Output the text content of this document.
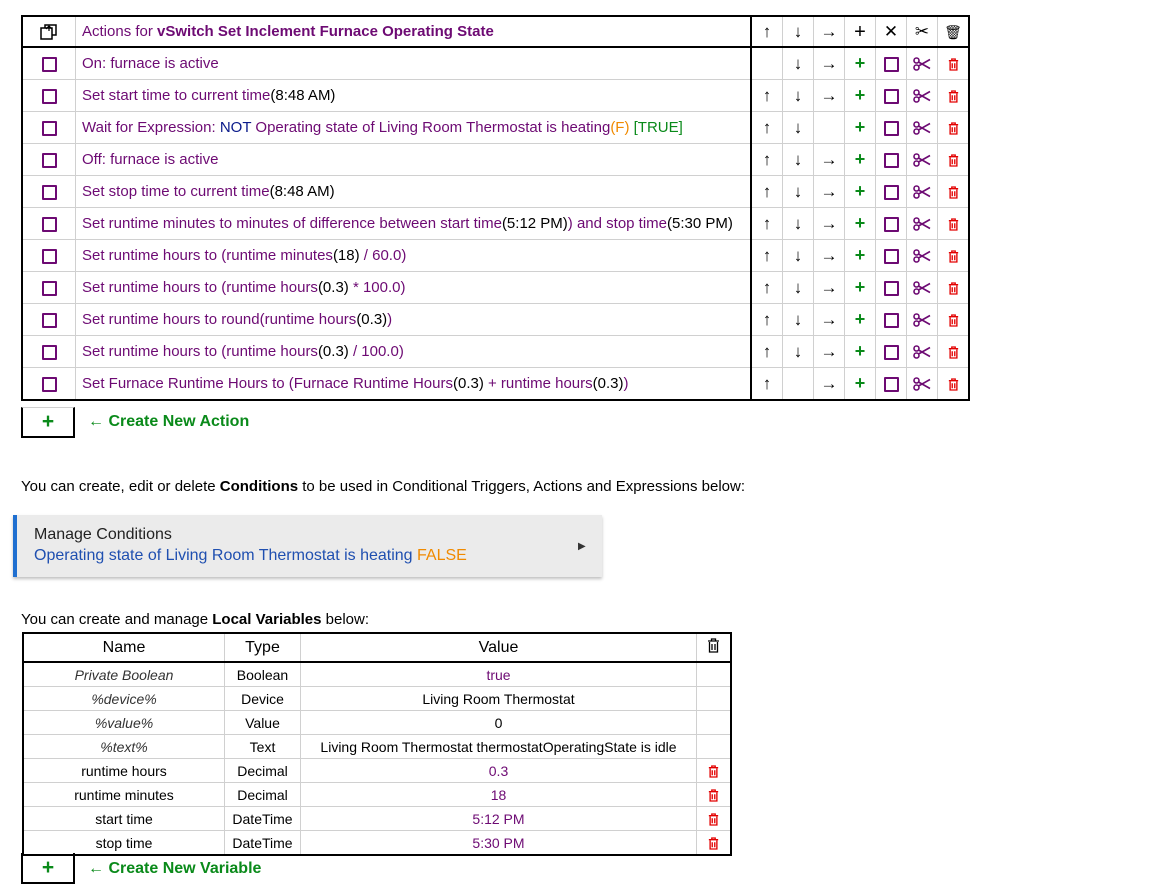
	Actions for vSwitch Set Inclement Furnace Operating State	↑	↓	→	+	✕	✂	🗑
	On: furnace is active		↓	→	+			
	Set start time to current time(8:48 AM)	↑	↓	→	+			
	Wait for Expression: NOT Operating state of Living Room Thermostat is heating(F) [TRUE]	↑	↓		+			
	Off: furnace is active	↑	↓	→	+			
	Set stop time to current time(8:48 AM)	↑	↓	→	+			
	Set runtime minutes to minutes of difference between start time(5:12 PM)) and stop time(5:30 PM)	↑	↓	→	+			
	Set runtime hours to (runtime minutes(18) / 60.0)	↑	↓	→	+			
	Set runtime hours to (runtime hours(0.3) * 100.0)	↑	↓	→	+			
	Set runtime hours to round(runtime hours(0.3))	↑	↓	→	+			
	Set runtime hours to (runtime hours(0.3) / 100.0)	↑	↓	→	+			
	Set Furnace Runtime Hours to (Furnace Runtime Hours(0.3) + runtime hours(0.3))	↑		→	+			
+ ← Create New Action
You can create, edit or delete Conditions to be used in Conditional Triggers, Actions and Expressions below:
Manage Conditions
Operating state of Living Room Thermostat is heating FALSE
▶
You can create and manage Local Variables below:
Name	Type	Value	
Private Boolean	Boolean	true	
%device%	Device	Living Room Thermostat	
%value%	Value	0	
%text%	Text	Living Room Thermostat thermostatOperatingState is idle	
runtime hours	Decimal	0.3	
runtime minutes	Decimal	18	
start time	DateTime	5:12 PM	
stop time	DateTime	5:30 PM	
+ ← Create New Variable
